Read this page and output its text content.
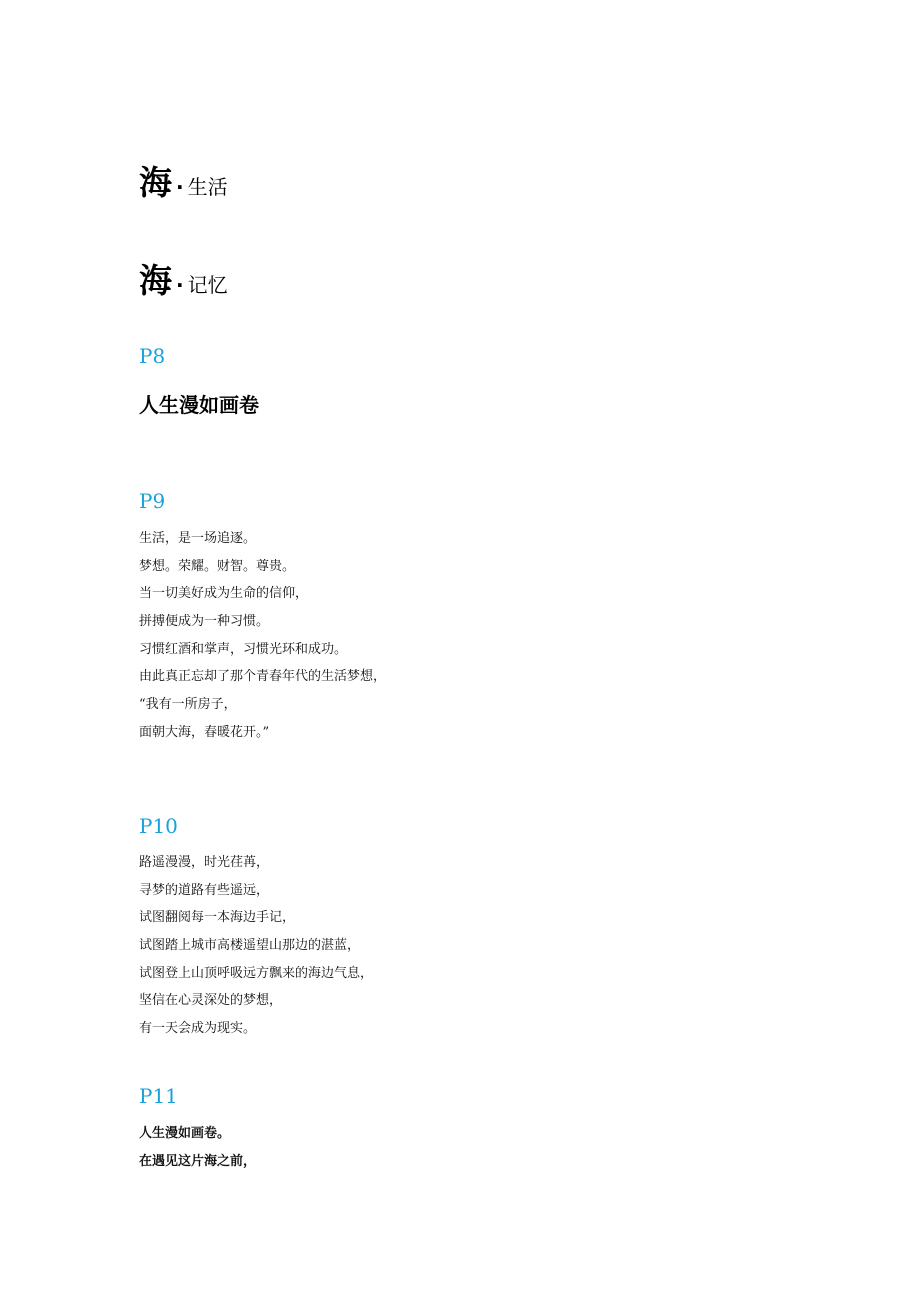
海 · 生活
海 · 记忆
P8
人生漫如画卷
P9
生活，是一场追逐。
梦想。荣耀。财智。尊贵。
当一切美好成为生命的信仰，
拼搏便成为一种习惯。
习惯红酒和掌声，习惯光环和成功。
由此真正忘却了那个青春年代的生活梦想，
“我有一所房子，
面朝大海，春暖花开。”
P10
路遥漫漫，时光荏苒，
寻梦的道路有些遥远，
试图翻阅每一本海边手记，
试图踏上城市高楼遥望山那边的湛蓝，
试图登上山顶呼吸远方飘来的海边气息，
坚信在心灵深处的梦想，
有一天会成为现实。
P11
人生漫如画卷。
在遇见这片海之前，
